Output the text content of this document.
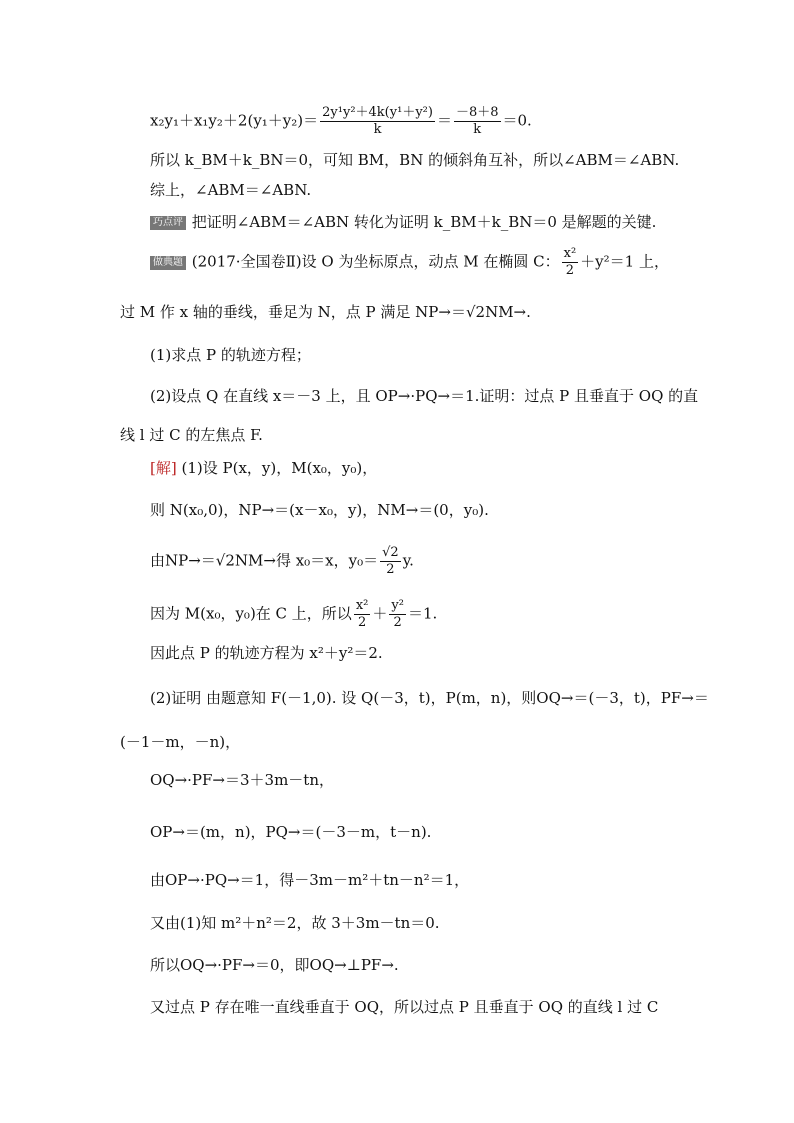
$x_2y_1+x_1y_2+2(y_1+y_2)= \frac{\text{2y¹y²＋4k(y¹＋y²)}}{k} = \frac{-8+8}{k} =0$.
所以 k_BM＋k_BN＝0，可知 BM，BN 的倾斜角互补，所以∠ABM＝∠ABN.
综上，∠ABM＝∠ABN.
巧点评 把证明∠ABM＝∠ABN 转化为证明 k_BM＋k_BN＝0 是解题的关键.
做典题 (2017·全国卷Ⅱ)设 O 为坐标原点，动点 M 在椭圆 C： $\frac{\text{x²}}{2} +y^2=1$ 上，
过 M 作 x 轴的垂线，垂足为 N，点 P 满足 NP→＝√2NM→.
(1)求点 P 的轨迹方程；
(2)设点 Q 在直线 x＝－3 上，且 OP→·PQ→＝1.证明：过点 P 且垂直于 OQ 的直
线 l 过 C 的左焦点 F.
[解] (1)设 P(x，y)，M(x₀，y₀)，
则 N(x₀,0)，NP→＝(x－x₀，y)，NM→＝(0，y₀).
由NP→＝√2NM→得 x₀＝x，$y_0= \frac{√2}{2} y$.
因为 M(x₀，y₀)在 C 上，所以 $\frac{\text{x²}}{2} + \frac{\text{y²}}{2} =1$.
因此点 P 的轨迹方程为 x²＋y²＝2.
(2)证明 由题意知 F(－1,0). 设 Q(－3，t)，P(m，n)，则OQ→＝(－3，t)，PF→＝
(－1－m，－n)，
OQ→·PF→＝3＋3m－tn，
OP→＝(m，n)，PQ→＝(－3－m，t－n).
由OP→·PQ→＝1，得－3m－m²＋tn－n²＝1，
又由(1)知 m²＋n²＝2，故 3＋3m－tn＝0.
所以OQ→·PF→＝0，即OQ→⊥PF→.
又过点 P 存在唯一直线垂直于 OQ，所以过点 P 且垂直于 OQ 的直线 l 过 C
